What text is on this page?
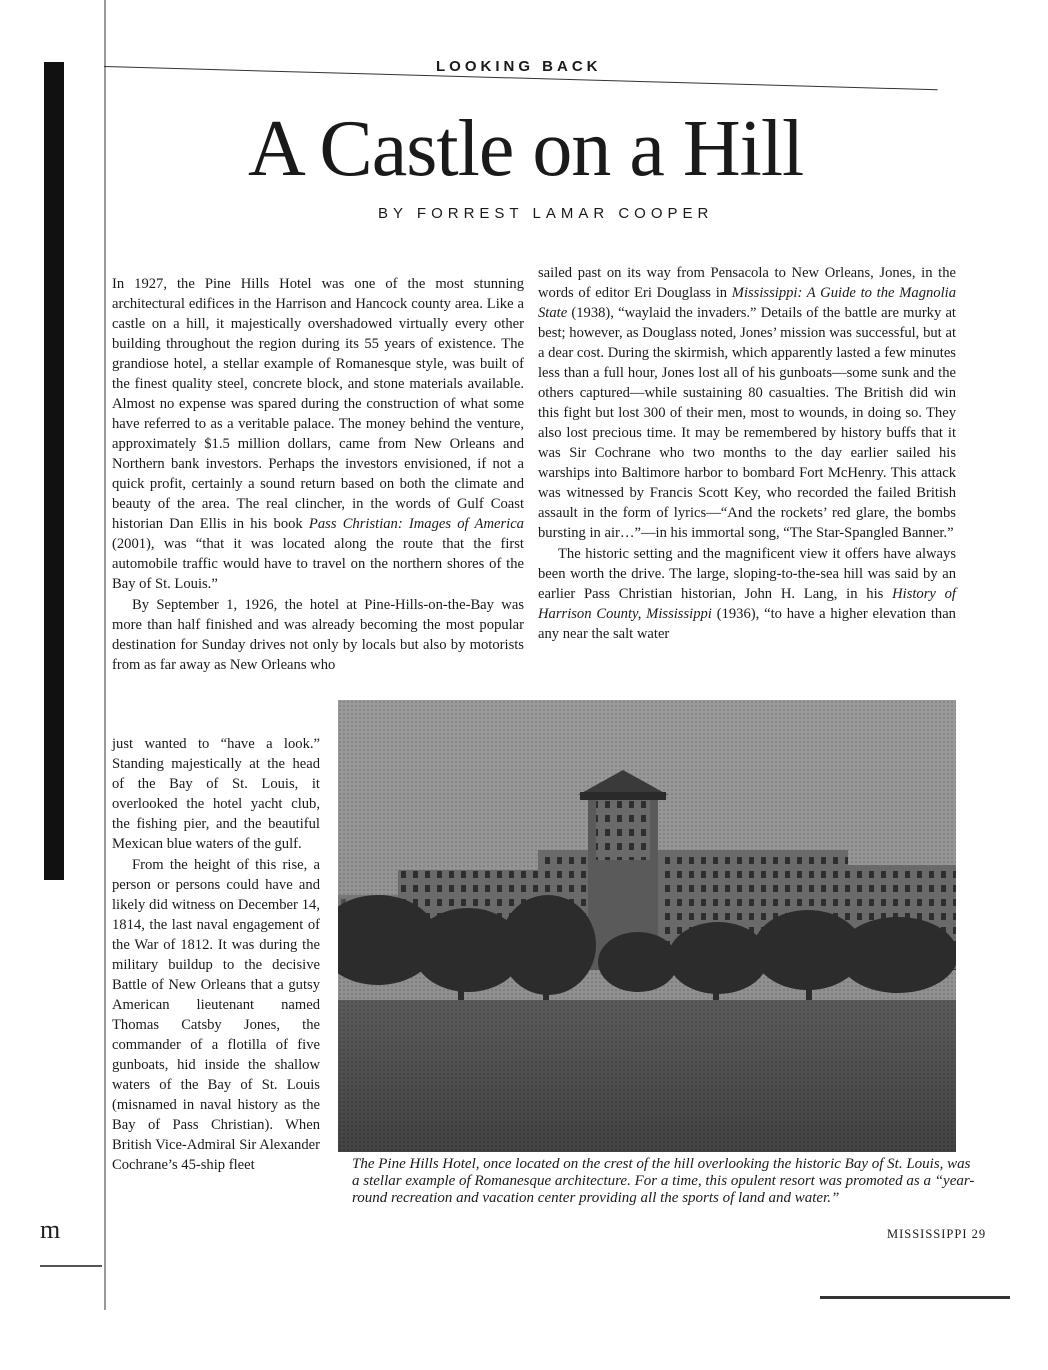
m
LOOKING BACK
A Castle on a Hill
BY FORREST LAMAR COOPER

In 1927, the Pine Hills Hotel was one of the most stunning architectural edifices in the Harrison and Hancock county area. Like a castle on a hill, it majestically overshadowed virtually every other building throughout the region during its 55 years of existence. The grandiose hotel, a stellar example of Romanesque style, was built of the finest quality steel, concrete block, and stone materials available. Almost no expense was spared during the construction of what some have referred to as a veritable palace. The money behind the venture, approximately $1.5 million dollars, came from New Orleans and Northern bank investors. Perhaps the investors envisioned, if not a quick profit, certainly a sound return based on both the climate and beauty of the area. The real clincher, in the words of Gulf Coast historian Dan Ellis in his book Pass Christian: Images of America (2001), was “that it was located along the route that the first automobile traffic would have to travel on the northern shores of the Bay of St. Louis.”

By September 1, 1926, the hotel at Pine-Hills-on-the-Bay was more than half finished and was already becoming the most popular destination for Sunday drives not only by locals but also by motorists from as far away as New Orleans who

just wanted to “have a look.” Standing majestically at the head of the Bay of St. Louis, it overlooked the hotel yacht club, the fishing pier, and the beautiful Mexican blue waters of the gulf.

From the height of this rise, a person or persons could have and likely did witness on December 14, 1814, the last naval engagement of the War of 1812. It was during the military buildup to the decisive Battle of New Orleans that a gutsy American lieutenant named Thomas Catsby Jones, the commander of a flotilla of five gunboats, hid inside the shallow waters of the Bay of St. Louis (misnamed in naval history as the Bay of Pass Christian). When British Vice-Admiral Sir Alexander Cochrane’s 45-ship fleet

sailed past on its way from Pensacola to New Orleans, Jones, in the words of editor Eri Douglass in Mississippi: A Guide to the Magnolia State (1938), “waylaid the invaders.” Details of the battle are murky at best; however, as Douglass noted, Jones’ mission was successful, but at a dear cost. During the skirmish, which apparently lasted a few minutes less than a full hour, Jones lost all of his gunboats—some sunk and the others captured—while sustaining 80 casualties. The British did win this fight but lost 300 of their men, most to wounds, in doing so. They also lost precious time. It may be remembered by history buffs that it was Sir Cochrane who two months to the day earlier sailed his warships into Baltimore harbor to bombard Fort McHenry. This attack was witnessed by Francis Scott Key, who recorded the failed British assault in the form of lyrics—“And the rockets’ red glare, the bombs bursting in air…”—in his immortal song, “The Star-Spangled Banner.”

The historic setting and the magnificent view it offers have always been worth the drive. The large, sloping-to-the-sea hill was said by an earlier Pass Christian historian, John H. Lang, in his History of Harrison County, Mississippi (1936), “to have a higher elevation than any near the salt water

The Pine Hills Hotel, once located on the crest of the hill overlooking the historic Bay of St. Louis, was a stellar example of Romanesque architecture. For a time, this opulent resort was promoted as a “year-round recreation and vacation center providing all the sports of land and water.”
MISSISSIPPI 29
